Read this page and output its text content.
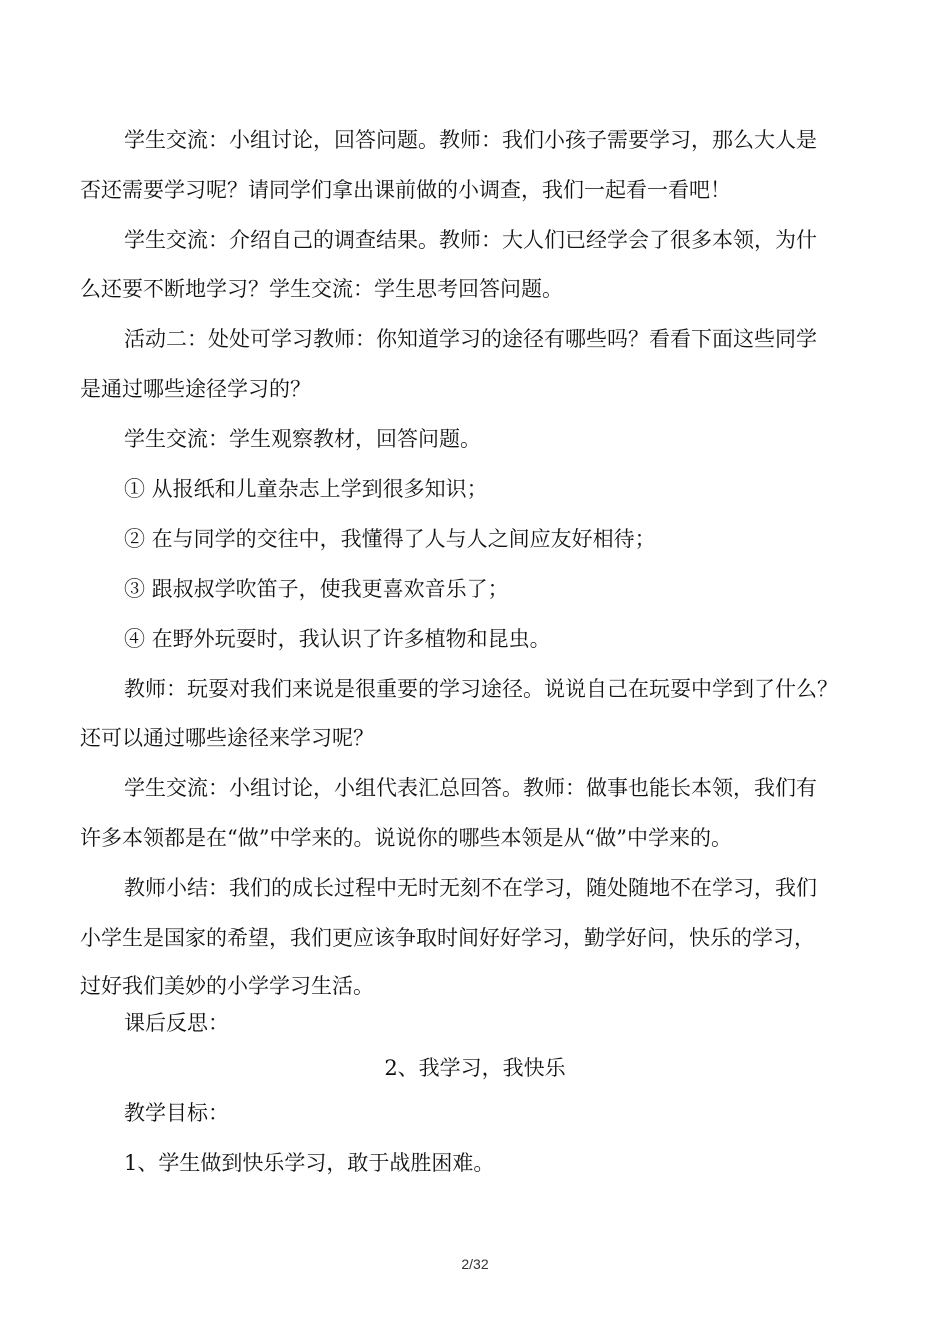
学生交流：小组讨论，回答问题。教师：我们小孩子需要学习，那么大人是

否还需要学习呢？请同学们拿出课前做的小调查，我们一起看一看吧！

学生交流：介绍自己的调查结果。教师：大人们已经学会了很多本领，为什

么还要不断地学习？学生交流：学生思考回答问题。

活动二：处处可学习教师：你知道学习的途径有哪些吗？看看下面这些同学

是通过哪些途径学习的？

学生交流：学生观察教材，回答问题。

① 从报纸和儿童杂志上学到很多知识；

② 在与同学的交往中，我懂得了人与人之间应友好相待；

③ 跟叔叔学吹笛子，使我更喜欢音乐了；

④ 在野外玩耍时，我认识了许多植物和昆虫。

教师：玩耍对我们来说是很重要的学习途径。说说自己在玩耍中学到了什么？

还可以通过哪些途径来学习呢？

学生交流：小组讨论，小组代表汇总回答。教师：做事也能长本领，我们有

许多本领都是在“做”中学来的。说说你的哪些本领是从“做”中学来的。

教师小结：我们的成长过程中无时无刻不在学习，随处随地不在学习，我们

小学生是国家的希望，我们更应该争取时间好好学习，勤学好问，快乐的学习，

过好我们美妙的小学学习生活。

课后反思：

2、我学习，我快乐

教学目标：

1、学生做到快乐学习，敢于战胜困难。

2/32
